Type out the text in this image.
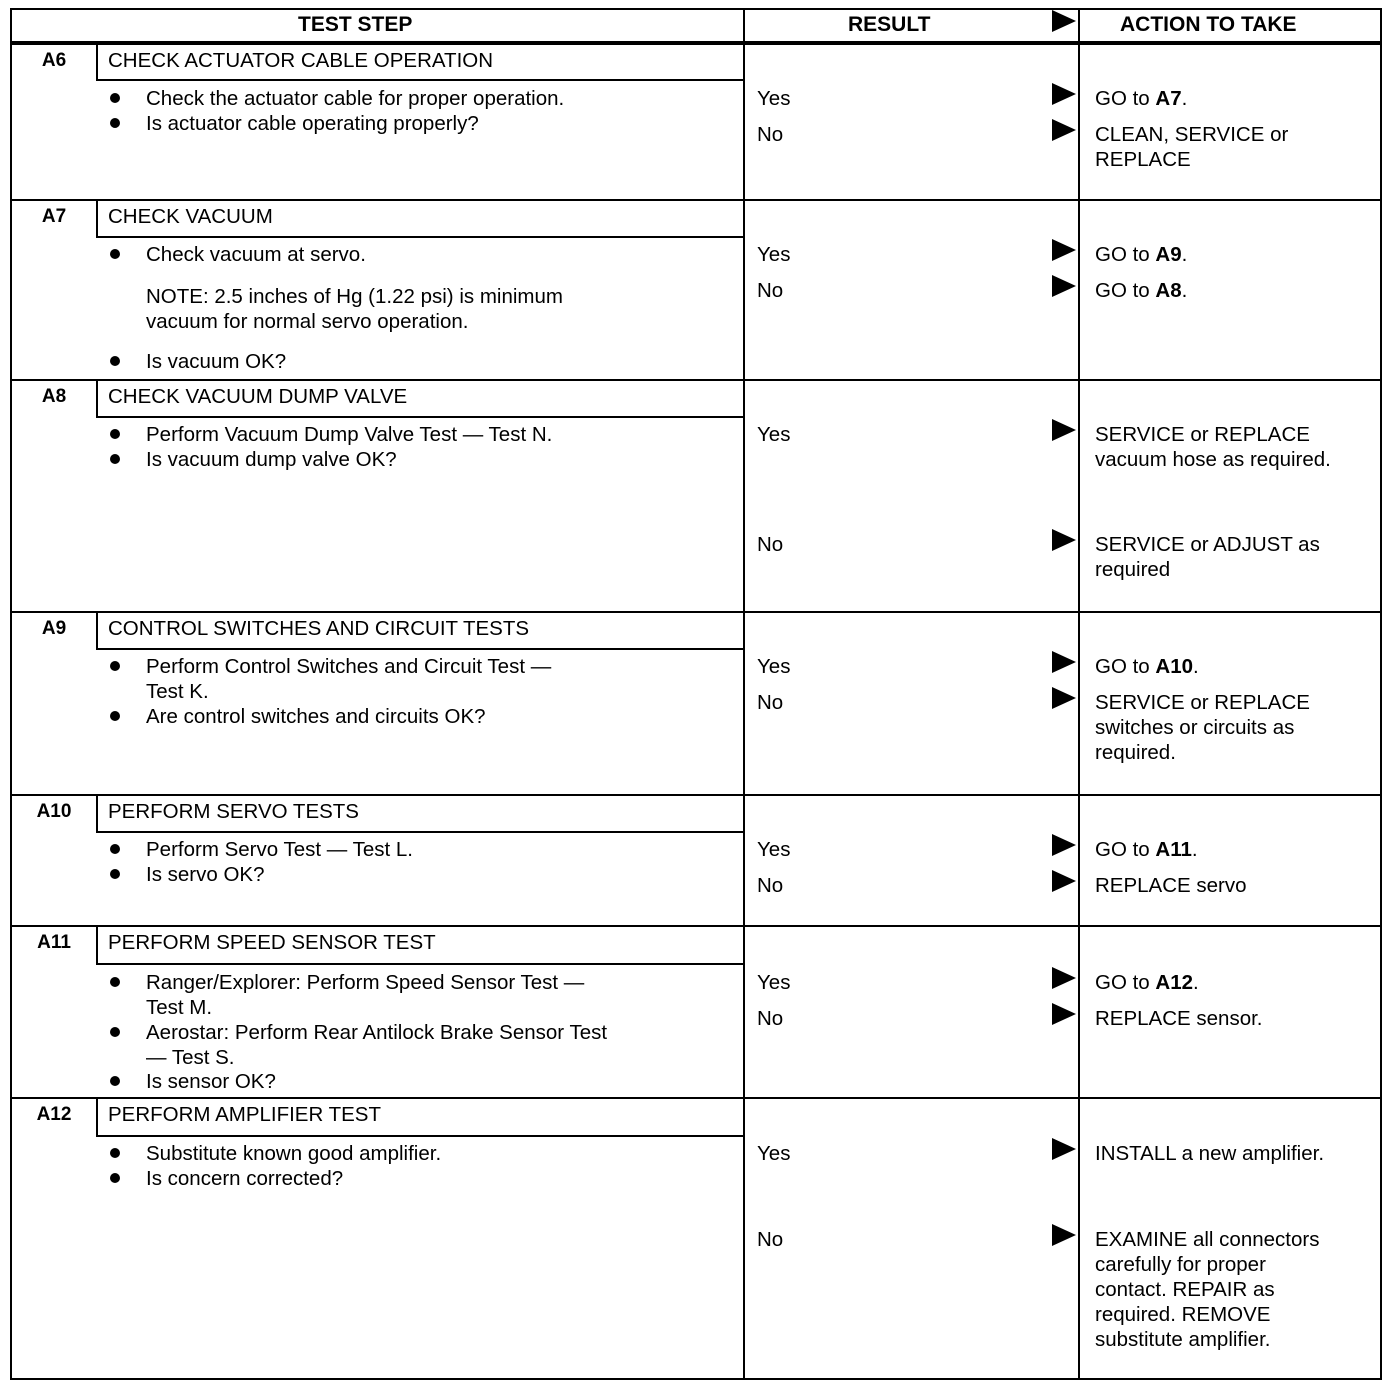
TEST STEP	RESULT	ACTION TO TAKE
A6	CHECK ACTUATOR CABLE OPERATION
Check the actuator cable for proper operation.
Is actuator cable operating properly?
Yes	GO to A7.
No	CLEAN, SERVICE or
REPLACE
A7	CHECK VACUUM
Check vacuum at servo.
NOTE: 2.5 inches of Hg (1.22 psi) is minimum
vacuum for normal servo operation.
Is vacuum OK?
Yes	GO to A9.
No	GO to A8.
A8	CHECK VACUUM DUMP VALVE
Perform Vacuum Dump Valve Test — Test N.
Is vacuum dump valve OK?
Yes	SERVICE or REPLACE
vacuum hose as required.
No	SERVICE or ADJUST as
required
A9	CONTROL SWITCHES AND CIRCUIT TESTS
Perform Control Switches and Circuit Test —
Test K.
Are control switches and circuits OK?
Yes	GO to A10.
No	SERVICE or REPLACE
switches or circuits as
required.
A10	PERFORM SERVO TESTS
Perform Servo Test — Test L.
Is servo OK?
Yes	GO to A11.
No	REPLACE servo
A11	PERFORM SPEED SENSOR TEST
Ranger/Explorer: Perform Speed Sensor Test —
Test M.
Aerostar: Perform Rear Antilock Brake Sensor Test
— Test S.
Is sensor OK?
Yes	GO to A12.
No	REPLACE sensor.
A12	PERFORM AMPLIFIER TEST
Substitute known good amplifier.
Is concern corrected?
Yes	INSTALL a new amplifier.
No	EXAMINE all connectors
carefully for proper
contact. REPAIR as
required. REMOVE
substitute amplifier.
